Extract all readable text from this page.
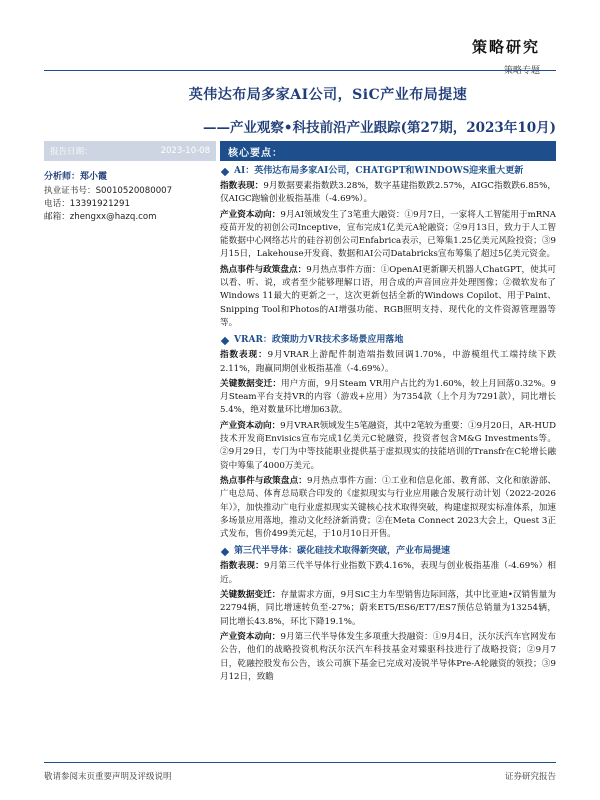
策略研究
策略专题
英伟达布局多家AI公司，SiC产业布局提速
——产业观察•科技前沿产业跟踪(第27期，2023年10月)
报告日期：	2023-10-08
分析师：郑小霞
执业证书号： S0010520080007
电话： 13391921291
邮箱： zhengxx@hazq.com
核心要点：
AI：英伟达布局多家AI公司，CHATGPT和WINDOWS迎来重大更新

指数表现：9月数据要素指数跌3.28%，数字基建指数跌2.57%，AIGC指数跌6.85%，仅AIGC跑输创业板指基准（-4.69%）。

产业资本动向：9月AI领域发生了3笔重大融资：①9月7日，一家将人工智能用于mRNA疫苗开发的初创公司Inceptive，宣布完成1亿美元A轮融资；②9月13日，致力于人工智能数据中心网络芯片的硅谷初创公司Enfabrica表示，已筹集1.25亿美元风险投资；③9月15日，Lakehouse开发商、数据和AI公司Databricks宣布筹集了超过5亿美元资金。

热点事件与政策盘点：9月热点事件方面：①OpenAI更新聊天机器人ChatGPT，使其可以看、听、说，或者至少能够理解口语，用合成的声音回应并处理图像；②微软发布了Windows 11最大的更新之一，这次更新包括全新的Windows Copilot、用于Paint、Snipping Tool和Photos的AI增强功能、RGB照明支持、现代化的文件资源管理器等等。

VRAR：政策助力VR技术多场景应用落地

指数表现：9月VRAR上游配件制造端指数回调1.70%，中游模组代工端持续下跌2.11%，跑赢同期创业板指基准（-4.69%）。

关键数据变迁：用户方面，9月Steam VR用户占比约为1.60%，较上月回落0.32%。9月Steam平台支持VR的内容（游戏+应用）为7354款（上个月为7291款），同比增长5.4%，绝对数量环比增加63款。

产业资本动向：9月VRAR领域发生5笔融资，其中2笔较为重要：①9月20日，AR-HUD技术开发商Envisics宣布完成1亿美元C轮融资，投资者包含M&G Investments等。②9月29日，专门为中等技能职业提供基于虚拟现实的技能培训的Transfr在C轮增长融资中筹集了4000万美元。

热点事件与政策盘点：9月热点事件方面：①工业和信息化部、教育部、文化和旅游部、广电总局、体育总局联合印发的《虚拟现实与行业应用融合发展行动计划（2022-2026年）》，加快推动广电行业虚拟现实关键核心技术取得突破，构建虚拟现实标准体系，加速多场景应用落地，推动文化经济新消费；②在Meta Connect 2023大会上，Quest 3正式发布，售价499美元起，于10月10日开售。

第三代半导体：碳化硅技术取得新突破，产业布局提速

指数表现：9月第三代半导体行业指数下跌4.16%，表现与创业板指基准（-4.69%）相近。

关键数据变迁：存量需求方面，9月SiC主力车型销售边际回落，其中比亚迪•汉销售量为22794辆，同比增速转负至-27%；蔚来ET5/ES6/ET7/ES7预估总销量为13254辆，同比增长43.8%，环比下降19.1%。

产业资本动向：9月第三代半导体发生多项重大投融资：①9月4日，沃尔沃汽车官网发布公告，他们的战略投资机构沃尔沃汽车科技基金对臻驱科技进行了战略投资；②9月7日，乾融控股发布公告，该公司旗下基金已完成对凌锐半导体Pre-A轮融资的领投；③9月12日，致瞻

敬请参阅末页重要声明及评级说明	证券研究报告
